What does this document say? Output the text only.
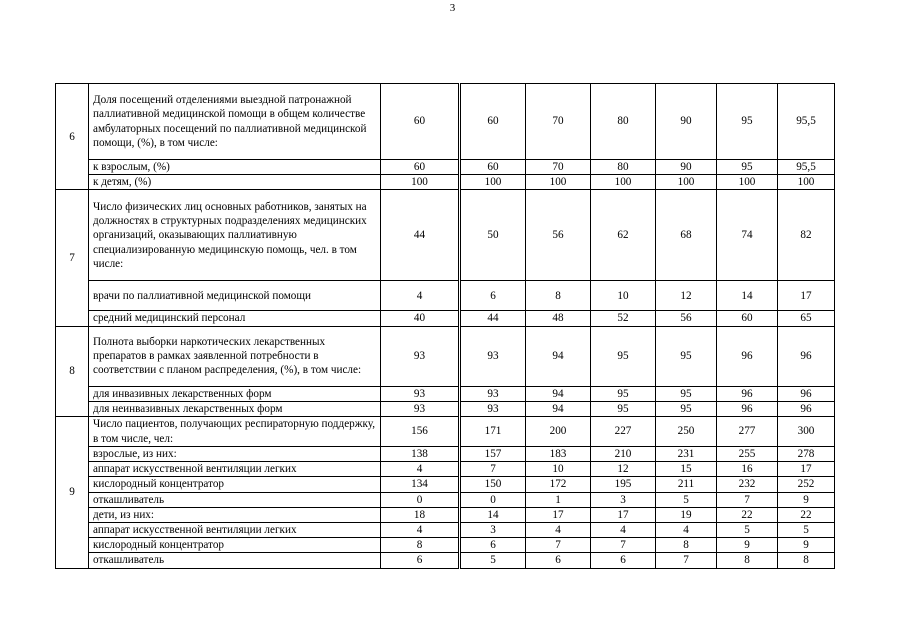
3
6	Доля посещений отделениями выездной патронажной паллиативной медицинской помощи в общем количестве амбулаторных посещений по паллиативной медицинской помощи, (%), в том числе:	60	60	70	80	90	95	95,5
	к взрослым, (%)	60	60	70	80	90	95	95,5
	к детям, (%)	100	100	100	100	100	100	100
7	Число физических лиц основных работников, занятых на должностях в структурных подразделениях медицинских организаций, оказывающих паллиативную специализированную медицинскую помощь, чел. в том числе:	44	50	56	62	68	74	82
	врачи по паллиативной медицинской помощи	4	6	8	10	12	14	17
	средний медицинский персонал	40	44	48	52	56	60	65
8	Полнота выборки наркотических лекарственных препаратов в рамках заявленной потребности в соответствии с планом распределения, (%), в том числе:	93	93	94	95	95	96	96
	для инвазивных лекарственных форм	93	93	94	95	95	96	96
	для неинвазивных лекарственных форм	93	93	94	95	95	96	96
9	Число пациентов, получающих респираторную поддержку, в том числе, чел:	156	171	200	227	250	277	300
	взрослые, из них:	138	157	183	210	231	255	278
	аппарат искусственной вентиляции легких	4	7	10	12	15	16	17
	кислородный концентратор	134	150	172	195	211	232	252
	откашливатель	0	0	1	3	5	7	9
	дети, из них:	18	14	17	17	19	22	22
	аппарат искусственной вентиляции легких	4	3	4	4	4	5	5
	кислородный концентратор	8	6	7	7	8	9	9
	откашливатель	6	5	6	6	7	8	8
